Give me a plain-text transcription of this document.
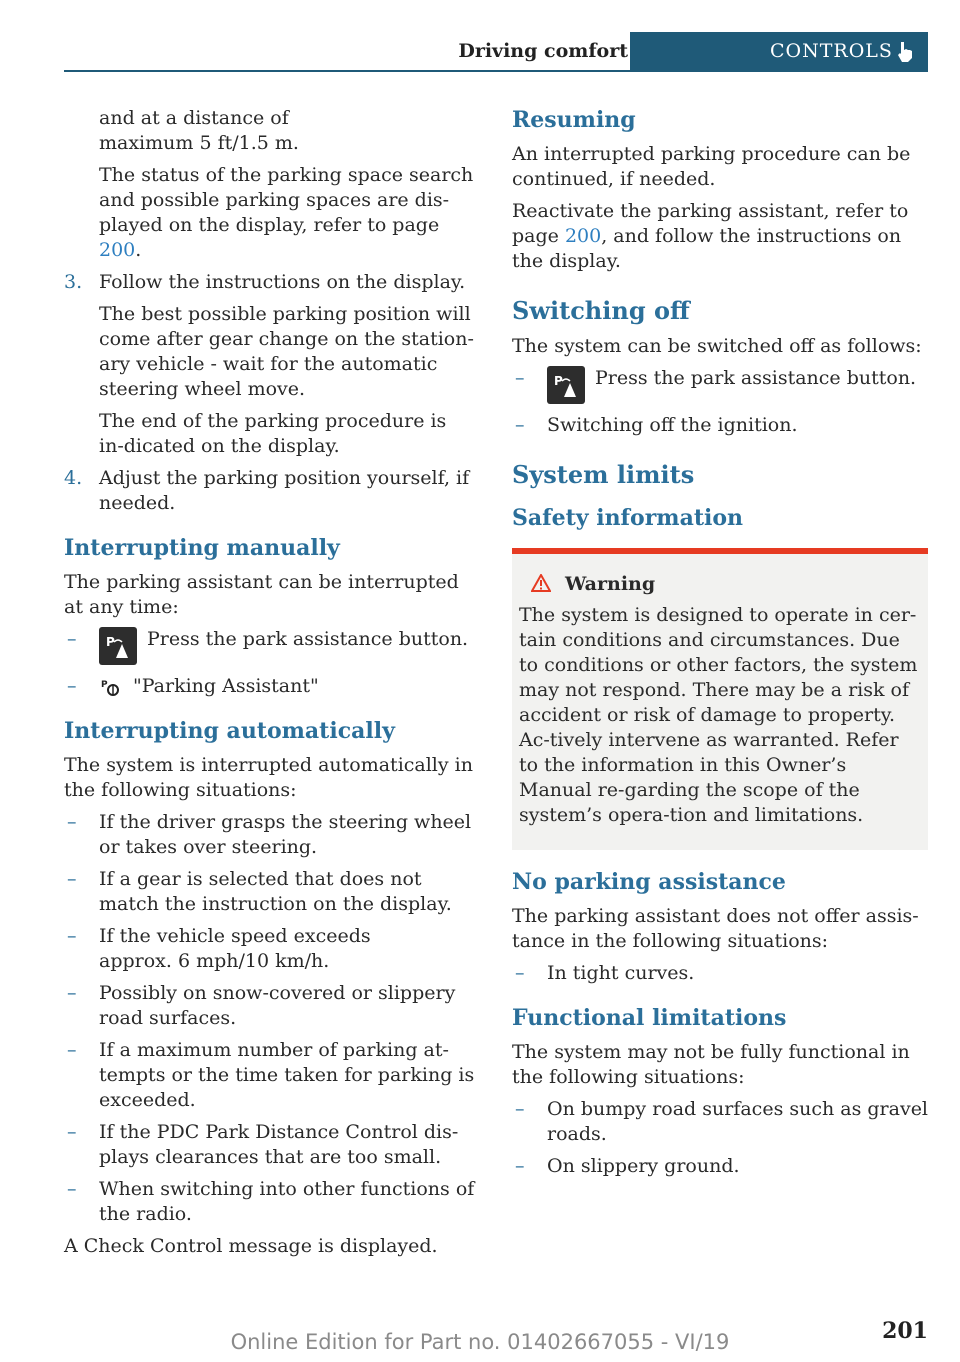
Driving comfort	CONTROLS

and at a distance of maximum 5 ft/1.5 m.

The status of the parking space search and possible parking spaces are dis‐played on the display, refer to page 200.

3. Follow the instructions on the display.

The best possible parking position will come after gear change on the station‐ary vehicle - wait for the automatic steering wheel move.

The end of the parking procedure is in‐dicated on the display.

4. Adjust the parking position yourself, if needed.
Interrupting manually

The parking assistant can be interrupted at any time:

– P Press the park assistance button.
–	P "Parking Assistant"
Interrupting automatically

The system is interrupted automatically in the following situations:

– If the driver grasps the steering wheel or takes over steering.
– If a gear is selected that does not match the instruction on the display.
– If the vehicle speed exceeds approx. 6 mph/10 km/h.
– Possibly on snow-covered or slippery road surfaces.
– If a maximum number of parking at‐tempts or the time taken for parking is exceeded.
– If the PDC Park Distance Control dis‐plays clearances that are too small.
– When switching into other functions of the radio.

A Check Control message is displayed.

Resuming

An interrupted parking procedure can be continued, if needed.

Reactivate the parking assistant, refer to page 200, and follow the instructions on the display.

Switching off

The system can be switched off as follows:

– P Press the park assistance button.
– Switching off the ignition.
System limits
Safety information
Warning
The system is designed to operate in cer‐tain conditions and circumstances. Due to conditions or other factors, the system may not respond. There may be a risk of accident or risk of damage to property. Ac‐tively intervene as warranted. Refer to the information in this Owner’s Manual re‐garding the scope of the system’s opera‐tion and limitations.
No parking assistance

The parking assistant does not offer assis‐tance in the following situations:

– In tight curves.
Functional limitations

The system may not be fully functional in the following situations:

– On bumpy road surfaces such as gravel roads.
– On slippery ground.
201
Online Edition for Part no. 01402667055 - VI/19
